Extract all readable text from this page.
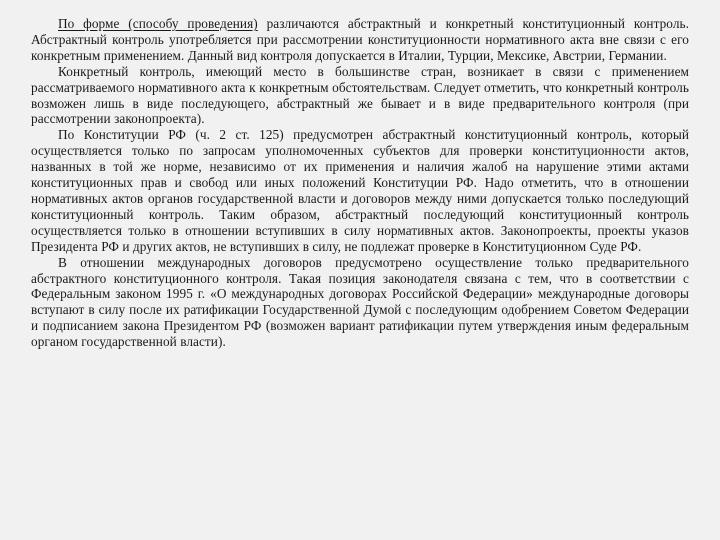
По форме (способу проведения) различаются абстрактный и конкретный конституционный контроль. Абстрактный контроль употребляется при рассмотрении конституционности нормативного акта вне связи с его конкретным применением. Данный вид контроля допускается в Италии, Турции, Мексике, Австрии, Германии.

Конкретный контроль, имеющий место в большинстве стран, возникает в связи с применением рассматриваемого нормативного акта к конкретным обстоятельствам. Следует отметить, что конкретный контроль возможен лишь в виде последующего, абстрактный же бывает и в виде предварительного контроля (при рассмотрении законопроекта).

По Конституции РФ (ч. 2 ст. 125) предусмотрен абстрактный конституционный контроль, который осуществляется только по запросам уполномоченных субъектов для проверки конституционности актов, названных в той же норме, независимо от их применения и наличия жалоб на нарушение этими актами конституционных прав и свобод или иных положений Конституции РФ. Надо отметить, что в отношении нормативных актов органов государственной власти и договоров между ними допускается только последующий конституционный контроль. Таким образом, абстрактный последующий конституционный контроль осуществляется только в отношении вступивших в силу нормативных актов. Законопроекты, проекты указов Президента РФ и других актов, не вступивших в силу, не подлежат проверке в Конституционном Суде РФ.

В отношении международных договоров предусмотрено осуществление только предварительного абстрактного конституционного контроля. Такая позиция законодателя связана с тем, что в соответствии с Федеральным законом 1995 г. «О международных договорах Российской Федерации» международные договоры вступают в силу после их ратификации Государственной Думой с последующим одобрением Советом Федерации и подписанием закона Президентом РФ (возможен вариант ратификации путем утверждения иным федеральным органом государственной власти).
